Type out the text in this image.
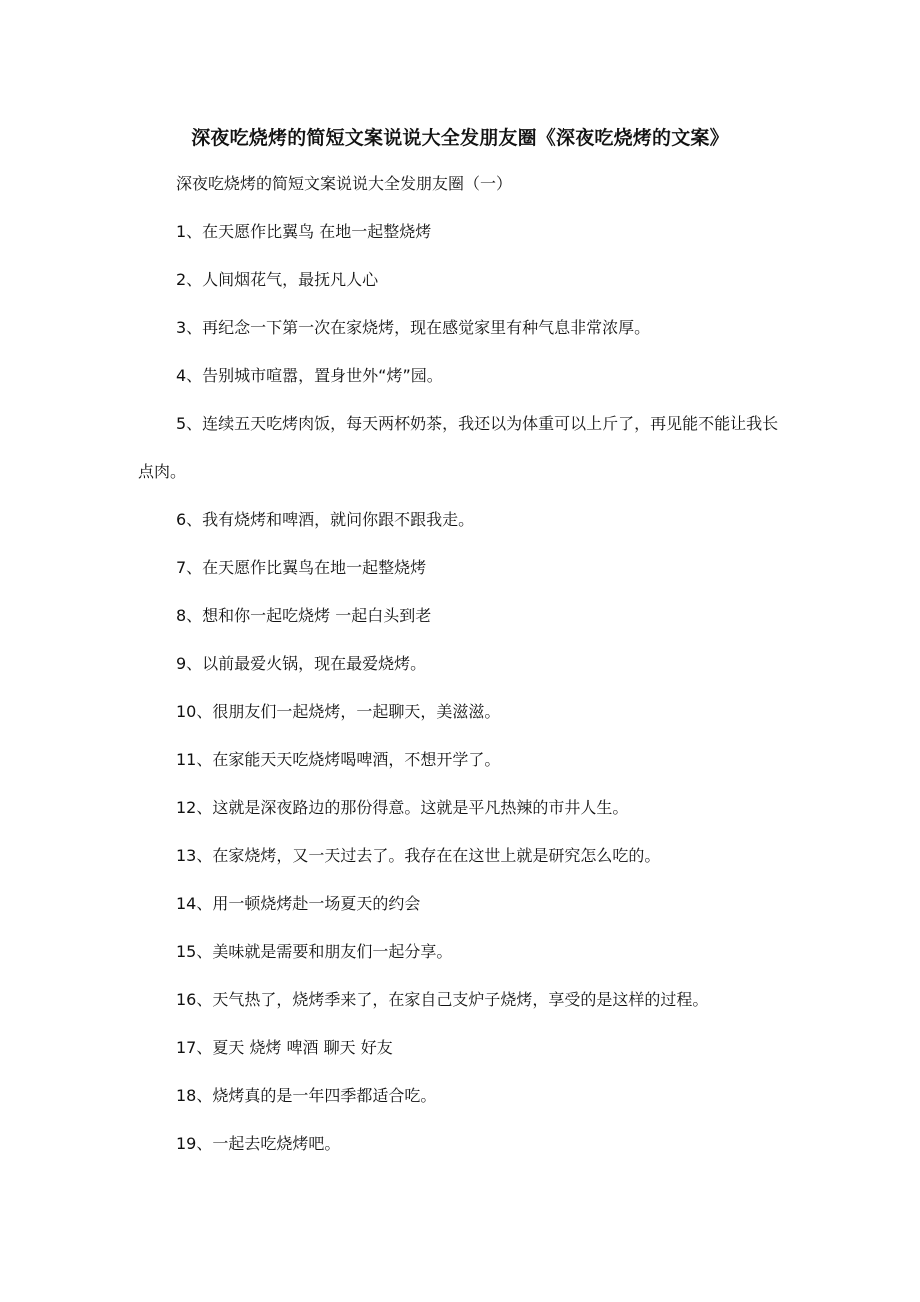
深夜吃烧烤的简短文案说说大全发朋友圈《深夜吃烧烤的文案》

深夜吃烧烤的简短文案说说大全发朋友圈（一）

1、在天愿作比翼鸟 在地一起整烧烤

2、人间烟花气，最抚凡人心

3、再纪念一下第一次在家烧烤，现在感觉家里有种气息非常浓厚。

4、告别城市喧嚣，置身世外“烤”园。

5、连续五天吃烤肉饭，每天两杯奶茶，我还以为体重可以上斤了，再见能不能让我长点肉。

6、我有烧烤和啤酒，就问你跟不跟我走。

7、在天愿作比翼鸟在地一起整烧烤

8、想和你一起吃烧烤 一起白头到老

9、以前最爱火锅，现在最爱烧烤。

10、很朋友们一起烧烤，一起聊天，美滋滋。

11、在家能天天吃烧烤喝啤酒，不想开学了。

12、这就是深夜路边的那份得意。这就是平凡热辣的市井人生。

13、在家烧烤，又一天过去了。我存在在这世上就是研究怎么吃的。

14、用一顿烧烤赴一场夏天的约会

15、美味就是需要和朋友们一起分享。

16、天气热了，烧烤季来了，在家自己支炉子烧烤，享受的是这样的过程。

17、夏天 烧烤 啤酒 聊天 好友

18、烧烤真的是一年四季都适合吃。

19、一起去吃烧烤吧。
